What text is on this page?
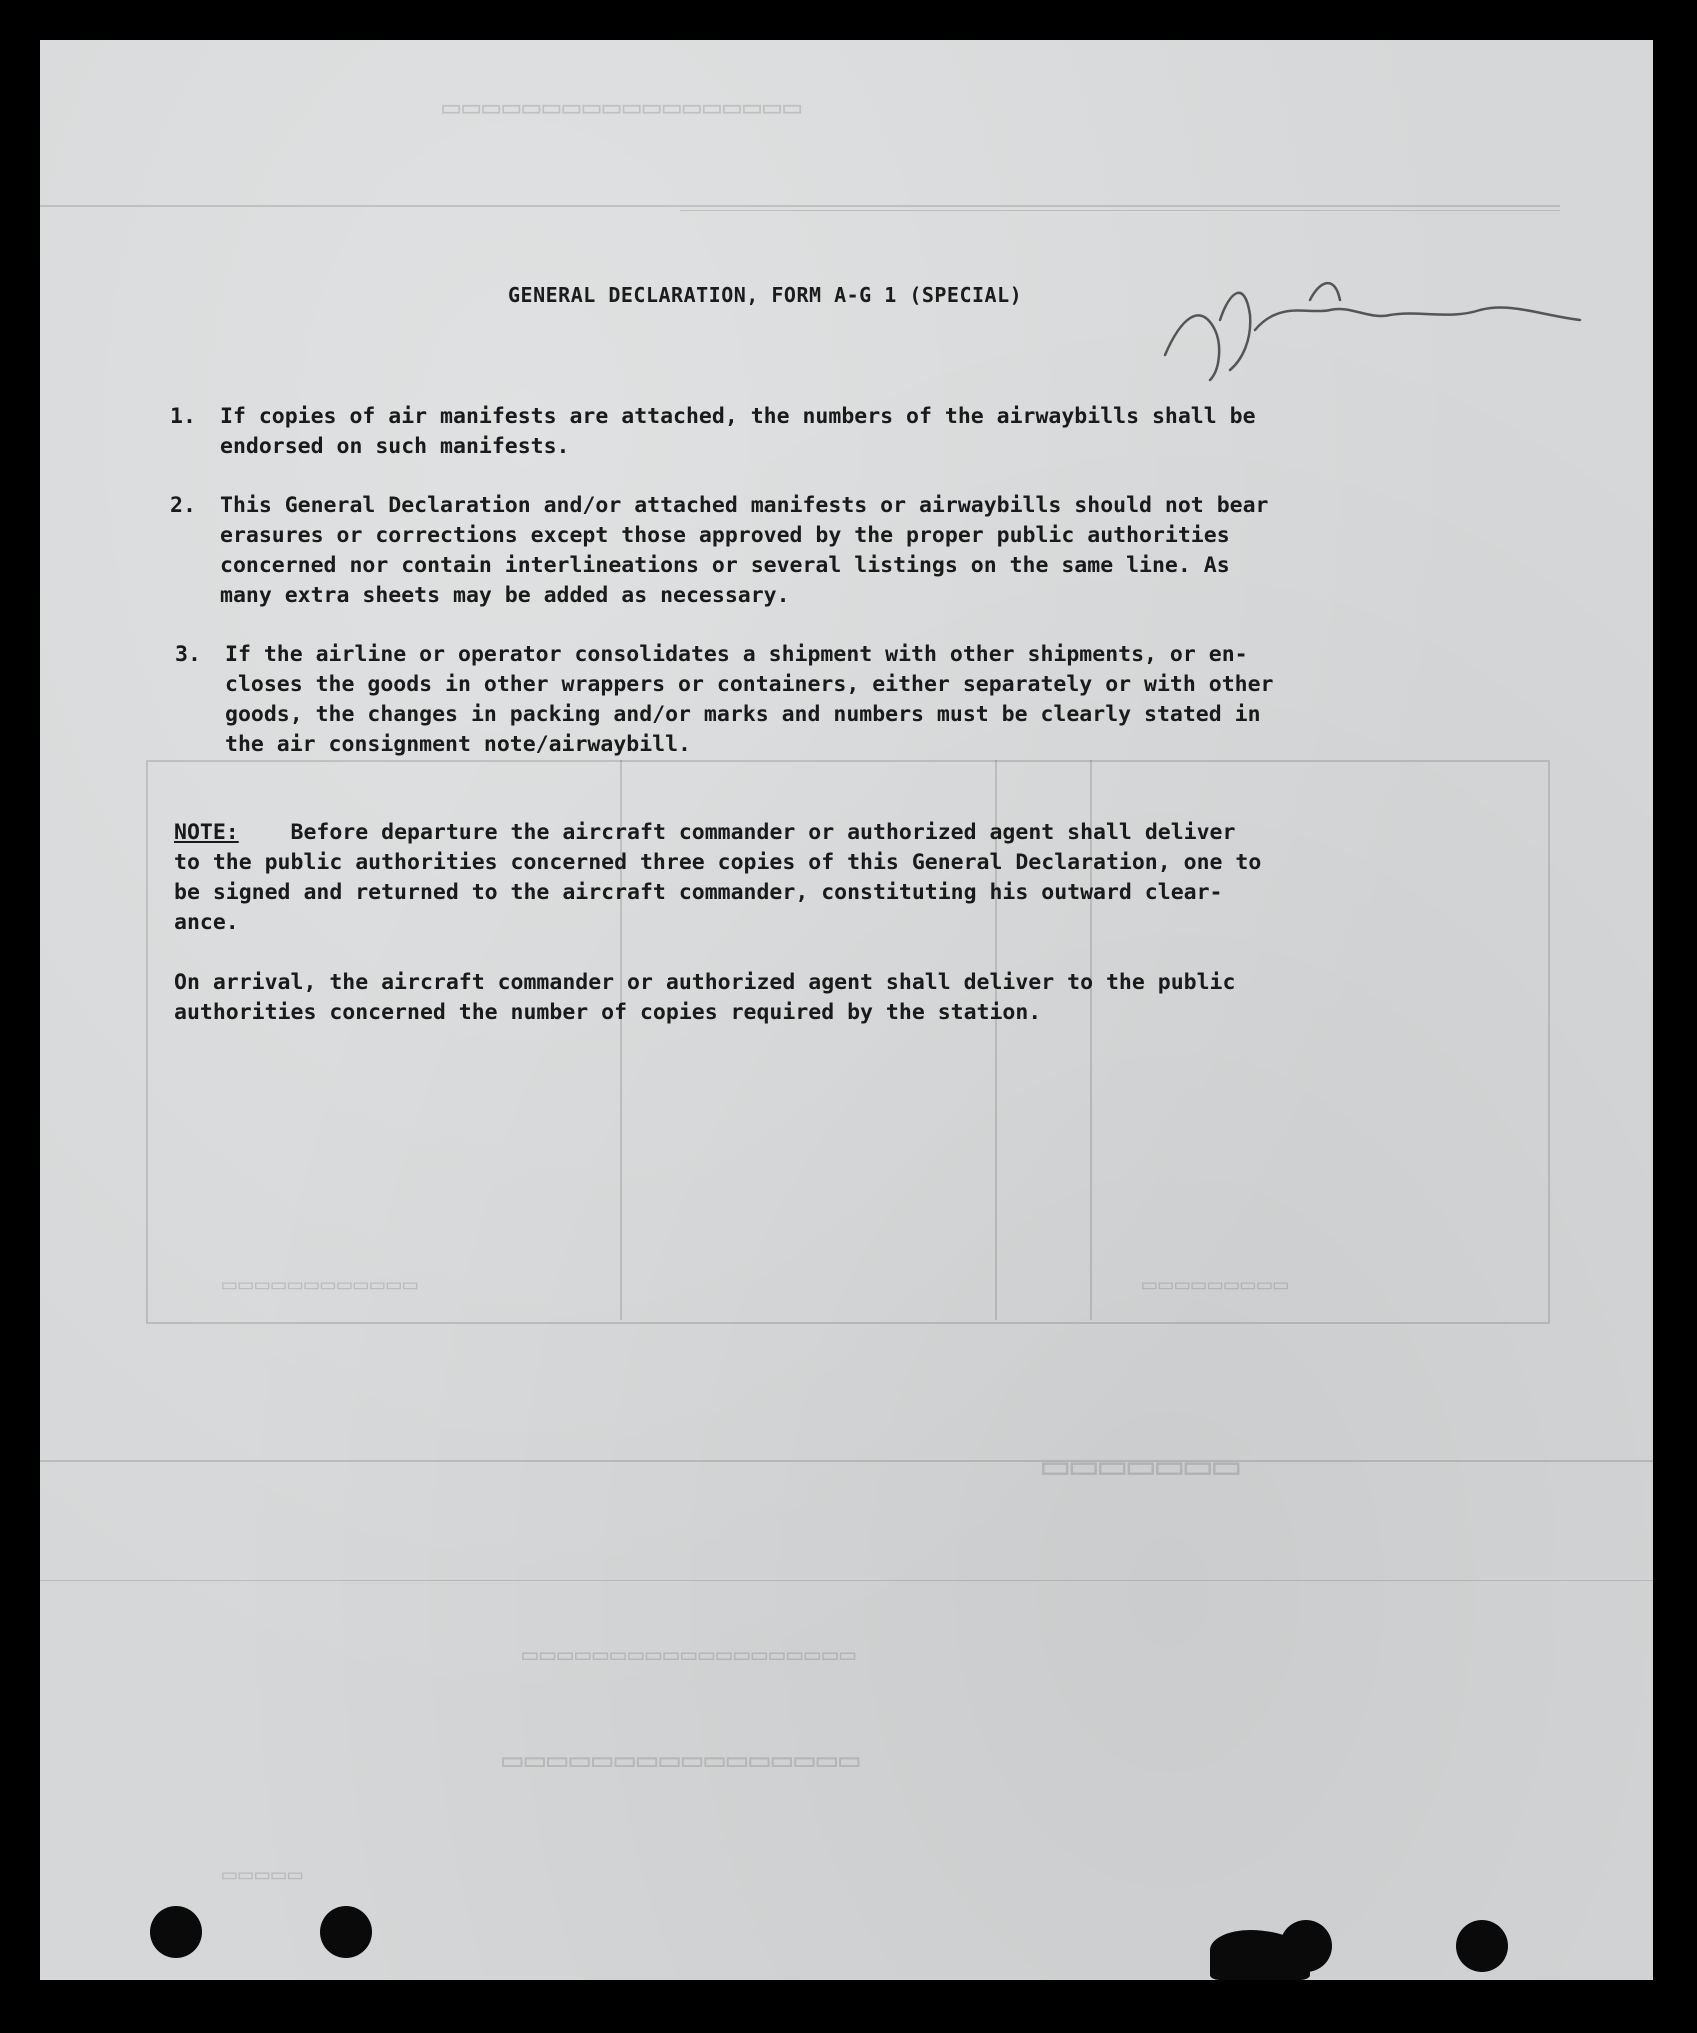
▭▭▭▭▭▭▭▭▭▭▭▭▭▭▭▭▭▭
▭▭▭▭▭▭▭▭▭▭▭▭	▭▭▭▭▭▭▭▭▭
▭▭▭▭▭▭▭
▭▭▭▭▭▭▭▭▭▭▭▭▭▭▭▭▭▭▭
▭▭▭▭▭▭▭▭▭▭▭▭▭▭▭▭
▭▭▭▭▭
GENERAL DECLARATION, FORM A-G 1 (SPECIAL)
1. If copies of air manifests are attached, the numbers of the airwaybills shall be
endorsed on such manifests.
2. This General Declaration and/or attached manifests or airwaybills should not bear
erasures or corrections except those approved by the proper public authorities
concerned nor contain interlineations or several listings on the same line. As
many extra sheets may be added as necessary.
3. If the airline or operator consolidates a shipment with other shipments, or en-
closes the goods in other wrappers or containers, either separately or with other
goods, the changes in packing and/or marks and numbers must be clearly stated in
the air consignment note/airwaybill.
NOTE:    Before departure the aircraft commander or authorized agent shall deliver
to the public authorities concerned three copies of this General Declaration, one to
be signed and returned to the aircraft commander, constituting his outward clear-
ance.
On arrival, the aircraft commander or authorized agent shall deliver to the public
authorities concerned the number of copies required by the station.
